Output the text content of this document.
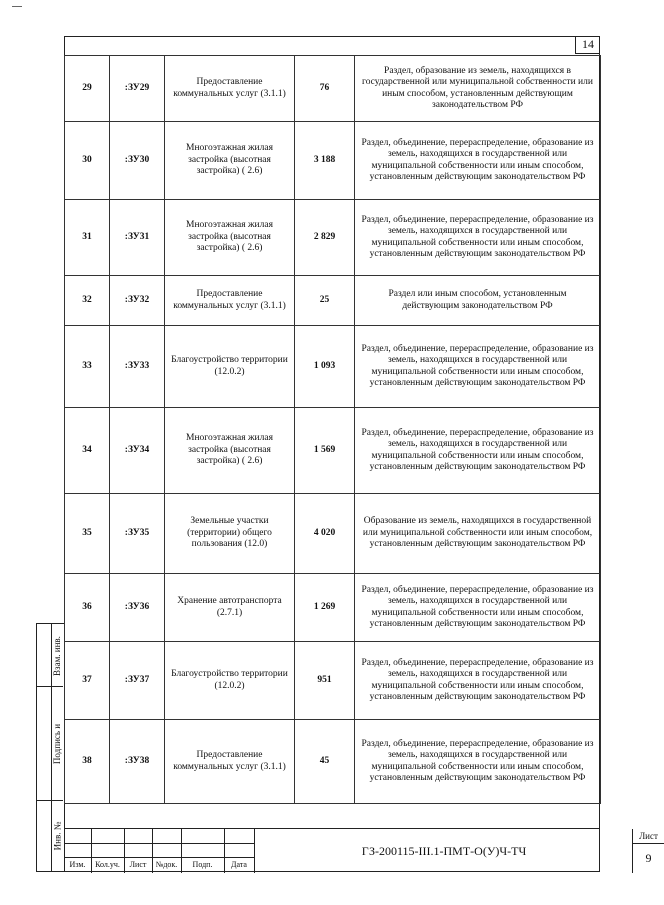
14
29	:ЗУ29	Предоставление коммунальных услуг (3.1.1)	76	Раздел, образование из земель, находящихся в государственной или муниципальной собственности или иным способом, установленным действующим законодательством РФ
30	:ЗУ30	Многоэтажная жилая застройка (высотная застройка) ( 2.6)	3 188	Раздел, объединение, перераспределение, образование из земель, находящихся в государственной или муниципальной собственности или иным способом, установленным действующим законодательством РФ
31	:ЗУ31	Многоэтажная жилая застройка (высотная застройка) ( 2.6)	2 829	Раздел, объединение, перераспределение, образование из земель, находящихся в государственной или муниципальной собственности или иным способом, установленным действующим законодательством РФ
32	:ЗУ32	Предоставление коммунальных услуг (3.1.1)	25	Раздел или иным способом, установленным действующим законодательством РФ
33	:ЗУ33	Благоустройство территории (12.0.2)	1 093	Раздел, объединение, перераспределение, образование из земель, находящихся в государственной или муниципальной собственности или иным способом, установленным действующим законодательством РФ
34	:ЗУ34	Многоэтажная жилая застройка (высотная застройка) ( 2.6)	1 569	Раздел, объединение, перераспределение, образование из земель, находящихся в государственной или муниципальной собственности или иным способом, установленным действующим законодательством РФ
35	:ЗУ35	Земельные участки (территории) общего пользования (12.0)	4 020	Образование из земель, находящихся в государственной или муниципальной собственности или иным способом, установленным действующим законодательством РФ
36	:ЗУ36	Хранение автотранспорта (2.7.1)	1 269	Раздел, объединение, перераспределение, образование из земель, находящихся в государственной или муниципальной собственности или иным способом, установленным действующим законодательством РФ
37	:ЗУ37	Благоустройство территории (12.0.2)	951	Раздел, объединение, перераспределение, образование из земель, находящихся в государственной или муниципальной собственности или иным способом, установленным действующим законодательством РФ
38	:ЗУ38	Предоставление коммунальных услуг (3.1.1)	45	Раздел, объединение, перераспределение, образование из земель, находящихся в государственной или муниципальной собственности или иным способом, установленным действующим законодательством РФ
Взам. инв.
Подпись и
Инв. №
Изм.	Кол.уч.	Лист	№док.	Подп.	Дата
ГЗ-200115-III.1-ПМТ-О(У)Ч-ТЧ
Лист
9
